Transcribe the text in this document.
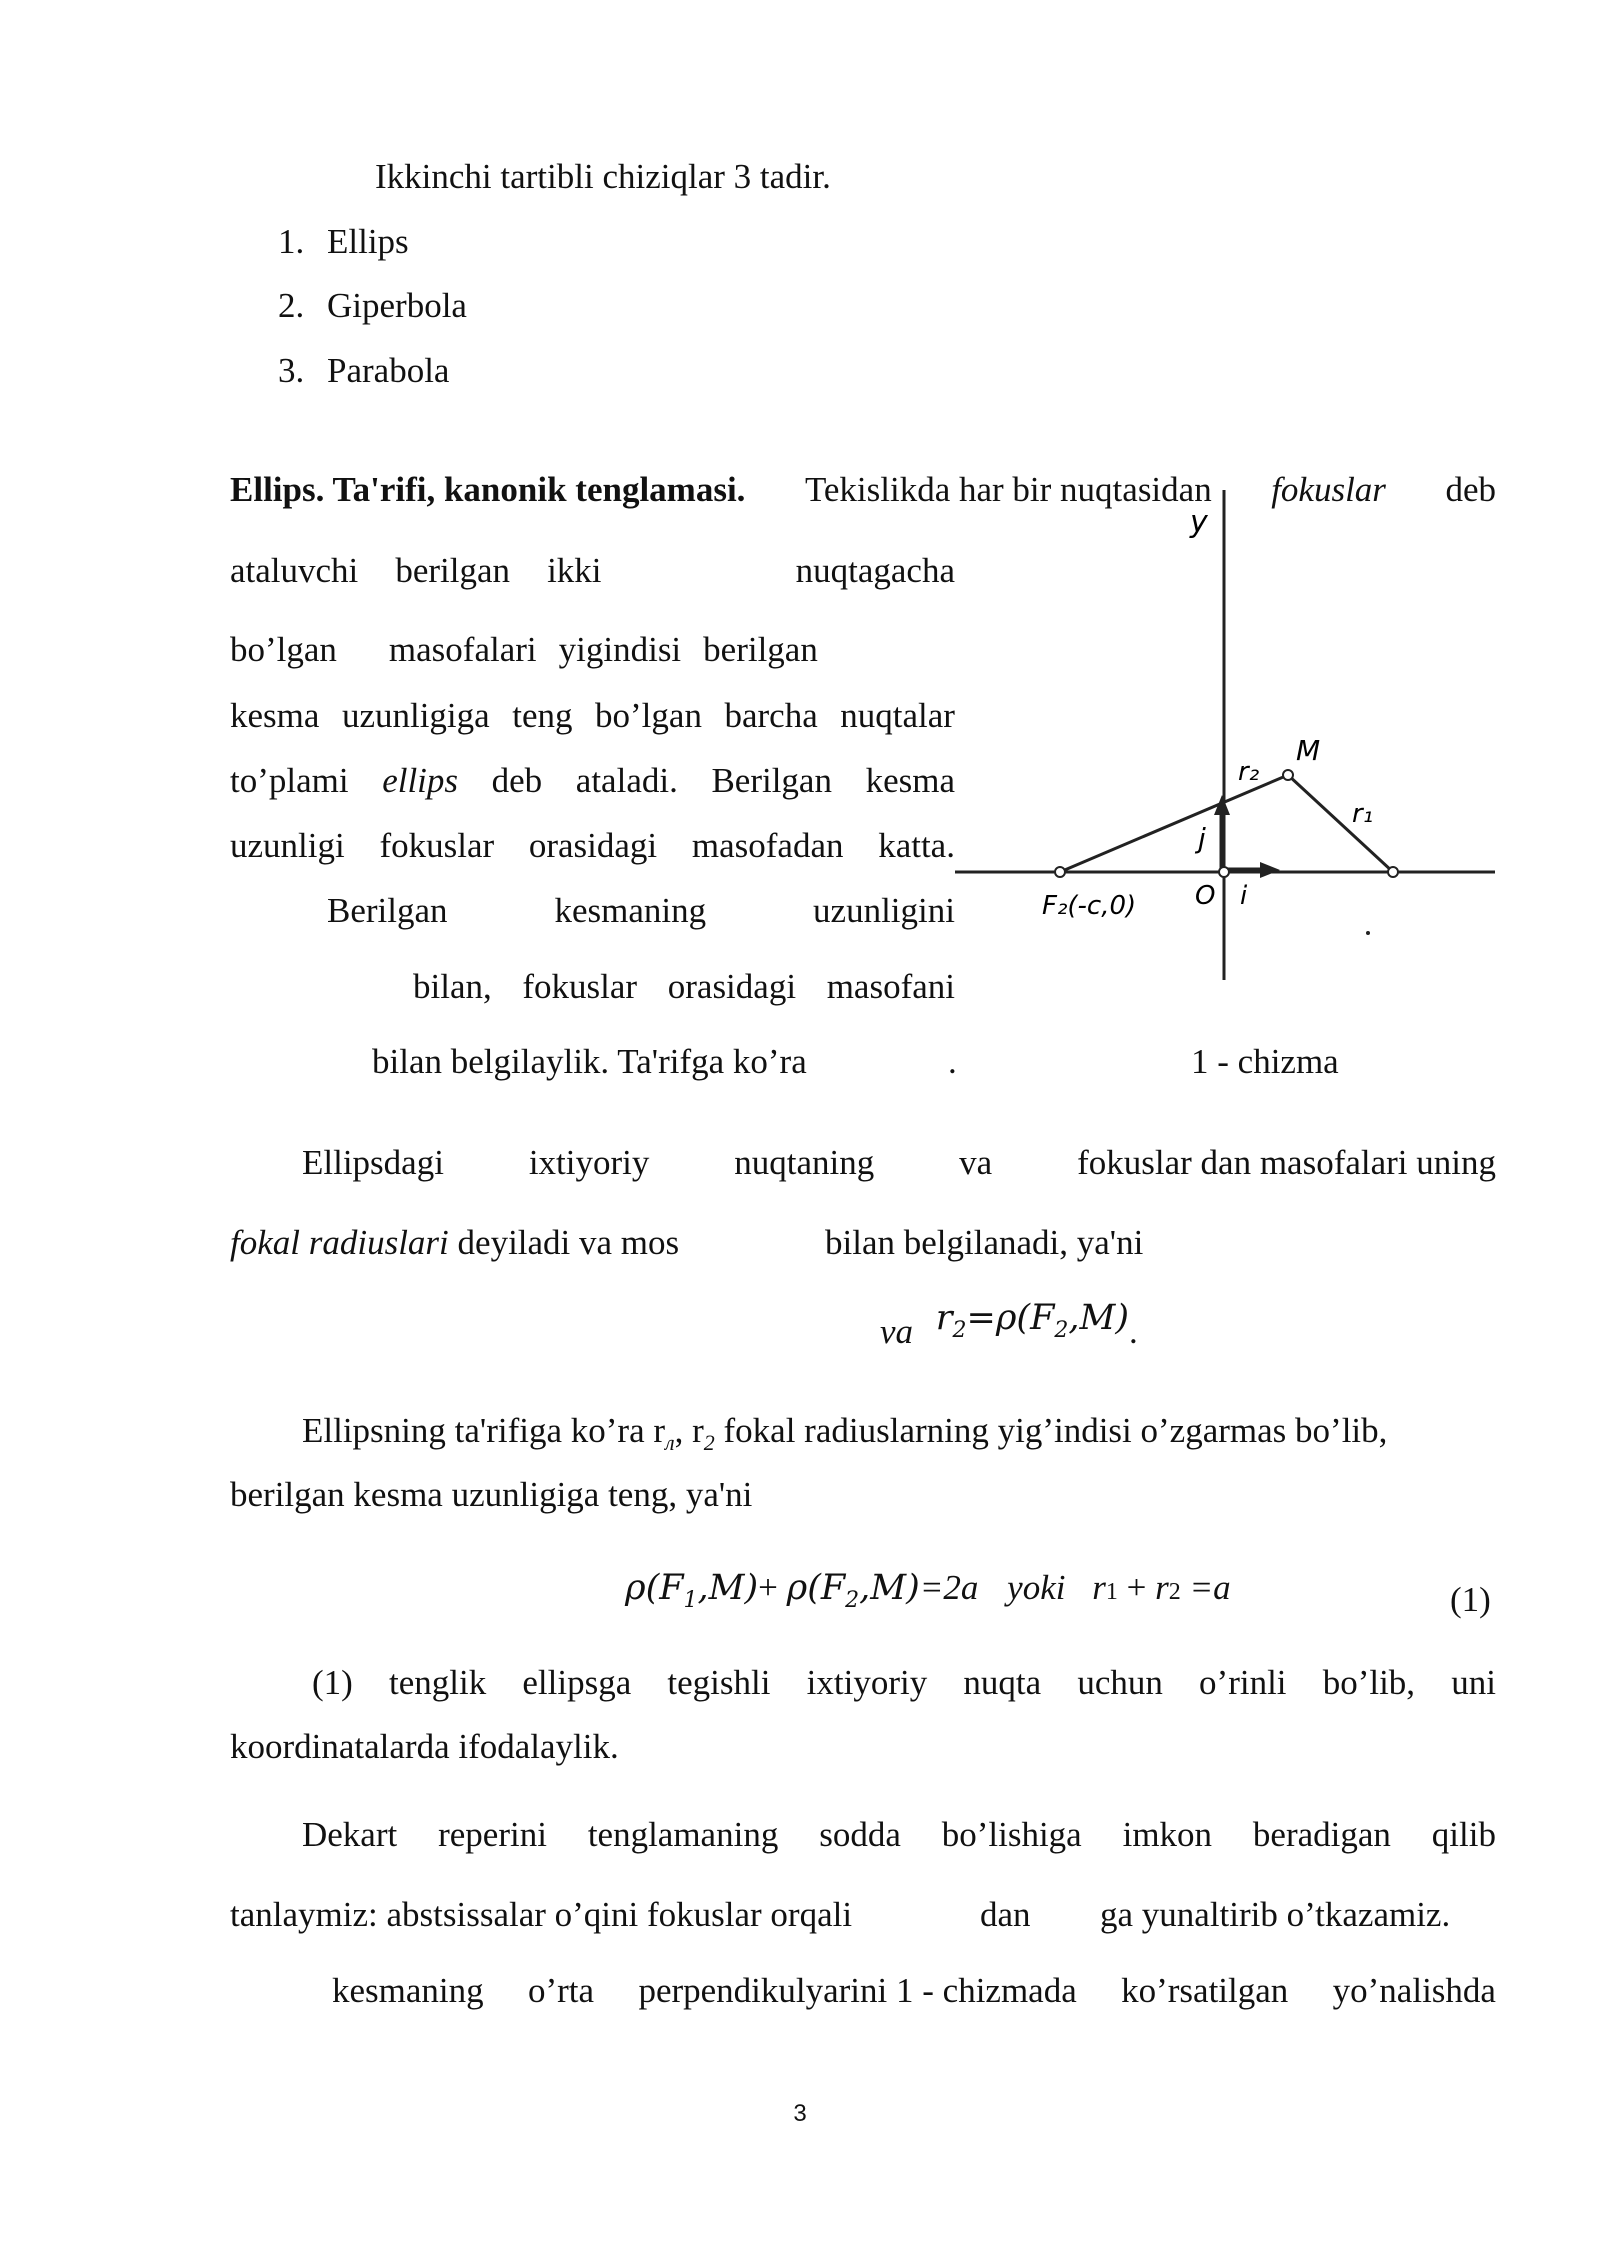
Ikkinchi tartibli chiziqlar 3 tadir.
1. Ellips
2. Giperbola
3. Parabola
Ellips. Ta'rifi, kanonik tenglamasi. Tekislikda har bir nuqtasidan fokuslar deb
ataluvchi berilgan ikki	nuqtagacha
bo’lgan masofalari yigindisi berilgan
kesma uzunligiga teng bo’lgan barcha nuqtalar
to’plami ellips deb ataladi. Berilgan kesma
uzunligi fokuslar orasidagi masofadan katta.
Berilgan	kesmaning	uzunligini
bilan, fokuslar orasidagi masofani
bilan belgilaylik. Ta'rifga ko’ra	.
y
M
r₂
r₁
j
O i
F₂(-c,0)
1 - chizma
Ellipsdagi ixtiyoriy nuqtaning va fokuslar dan masofalari uning
fokal radiuslari deyiladi va mos	bilan belgilanadi, ya'ni
va $r_2=\rho(F_2,M)$.
Ellipsning ta'rifiga ko’ra $r_л$, $r_2$ fokal radiuslarning yig’indisi o’zgarmas bo’lib,
berilgan kesma uzunligiga teng, ya'ni
$\rho(F_1,M)+ \rho(F_2,M)=2a$ yoki r1 + r2 =a	(1)
(1) tenglik ellipsga tegishli ixtiyoriy nuqta uchun o’rinli bo’lib, uni
koordinatalarda ifodalaylik.
Dekart reperini tenglamaning sodda bo’lishiga imkon beradigan qilib
tanlaymiz: abstsissalar o’qini fokuslar orqali	dan ga yunaltirib o’tkazamiz.
kesmaning o’rta perpendikulyarini 1 - chizmada ko’rsatilgan yo’nalishda
3
